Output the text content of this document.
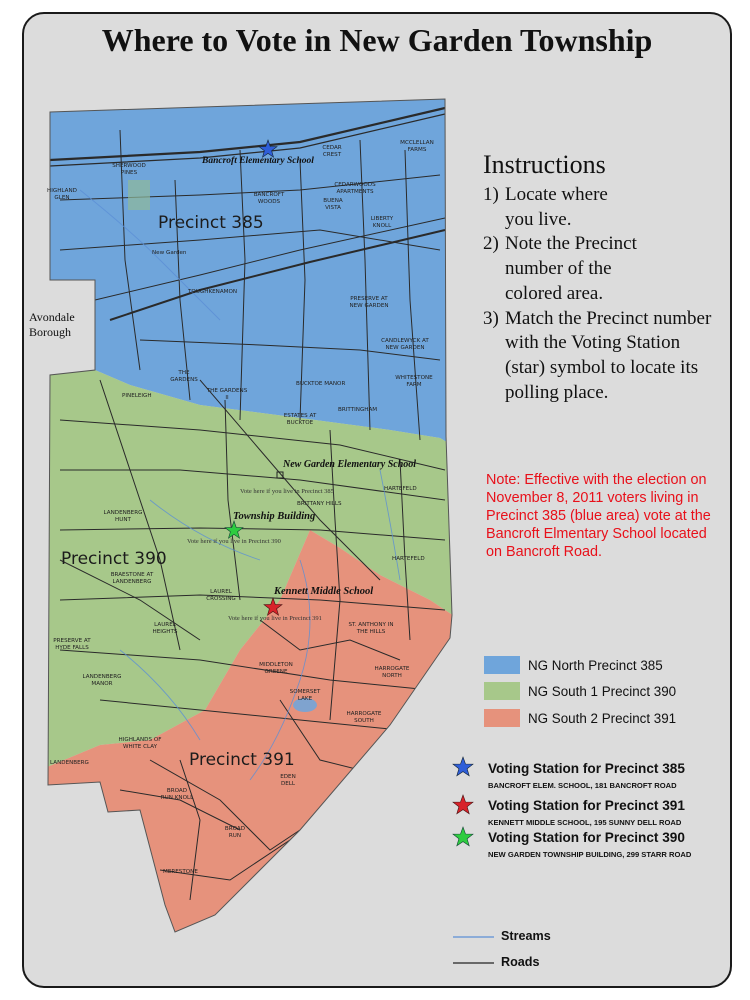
Where to Vote in New Garden Township
Avondale Borough
Precinct 385
Precinct 390
Precinct 391
Bancroft Elementary School
New Garden Elementary School
Township Building
Kennett Middle School
Vote here if you live in Precinct 385
Vote here if you live in Precinct 390
Vote here if you live in Precinct 391
CEDAR CREST
MCCLELLAN FARMS
SHERWOOD PINES
HIGHLAND GLEN	BANCROFT WOODS
CEDARWOODS APARTMENTS
BUENA VISTA
LIBERTY KNOLL
New Garden
TOUGHKENAMON
PRESERVE AT NEW GARDEN
CANDLEWYCK AT NEW GARDEN
THE GARDENS
THE GARDENS II
BUCKTOE MANOR
WHITESTONE FARM
PINELEIGH
ESTATES AT BUCKTOE
BRITTINGHAM
HARTEFELD
HARTEFELD
BRITTANY HILLS
LANDENBERG HUNT
BRAESTONE AT LANDENBERG
LAUREL CROSSING
LAUREL HEIGHTS
PRESERVE AT HYDE FALLS
LANDENBERG MANOR
MIDDLETON GREENE
ST. ANTHONY IN THE HILLS
HARROGATE NORTH
SOMERSET LAKE
HARROGATE SOUTH
HIGHLANDS OF WHITE CLAY
LANDENBERG
EDEN DELL
BROAD RUN KNOLL
BROAD RUN
MERESTONE
Instructions
1) Locate where you live.
2) Note the Precinct number of the colored area.
3) Match the Precinct number with the Voting Station (star) symbol to locate its polling place.
Note: Effective with the election on November 8, 2011 voters living in Precinct 385 (blue area) vote at the Bancroft Elmentary School located on Bancroft Road.
NG North Precinct 385
NG South 1 Precinct 390
NG South 2 Precinct 391
Voting Station for Precinct 385
BANCROFT ELEM. SCHOOL, 181 BANCROFT ROAD
Voting Station for Precinct 391
KENNETT MIDDLE SCHOOL, 195 SUNNY DELL ROAD
Voting Station for Precinct 390
NEW GARDEN TOWNSHIP BUILDING, 299 STARR ROAD
Streams
Roads
